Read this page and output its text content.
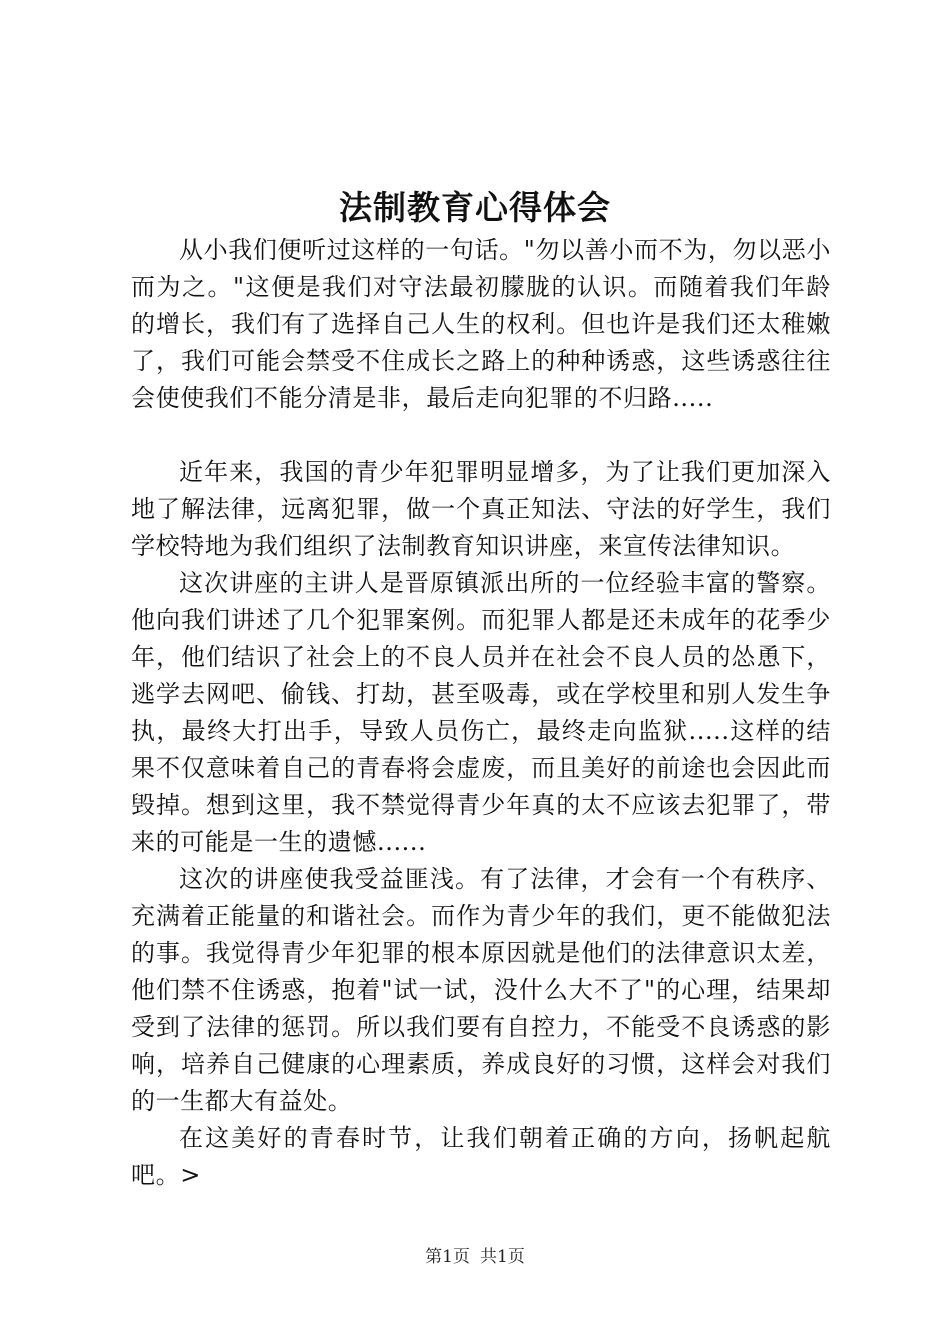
法制教育心得体会

从小我们便听过这样的一句话。"勿以善小而不为，勿以恶小而为之。"这便是我们对守法最初朦胧的认识。而随着我们年龄的增长，我们有了选择自己人生的权利。但也许是我们还太稚嫩了，我们可能会禁受不住成长之路上的种种诱惑，这些诱惑往往会使使我们不能分清是非，最后走向犯罪的不归路.....

近年来，我国的青少年犯罪明显增多，为了让我们更加深入地了解法律，远离犯罪，做一个真正知法、守法的好学生，我们学校特地为我们组织了法制教育知识讲座，来宣传法律知识。

这次讲座的主讲人是晋原镇派出所的一位经验丰富的警察。他向我们讲述了几个犯罪案例。而犯罪人都是还未成年的花季少年，他们结识了社会上的不良人员并在社会不良人员的怂恿下，逃学去网吧、偷钱、打劫，甚至吸毒，或在学校里和别人发生争执，最终大打出手，导致人员伤亡，最终走向监狱.....这样的结果不仅意味着自己的青春将会虚废，而且美好的前途也会因此而毁掉。想到这里，我不禁觉得青少年真的太不应该去犯罪了，带来的可能是一生的遗憾......

这次的讲座使我受益匪浅。有了法律，才会有一个有秩序、充满着正能量的和谐社会。而作为青少年的我们，更不能做犯法的事。我觉得青少年犯罪的根本原因就是他们的法律意识太差，他们禁不住诱惑，抱着"试一试，没什么大不了"的心理，结果却受到了法律的惩罚。所以我们要有自控力，不能受不良诱惑的影响，培养自己健康的心理素质，养成良好的习惯，这样会对我们的一生都大有益处。

在这美好的青春时节，让我们朝着正确的方向，扬帆起航吧。>

第1页 共1页
